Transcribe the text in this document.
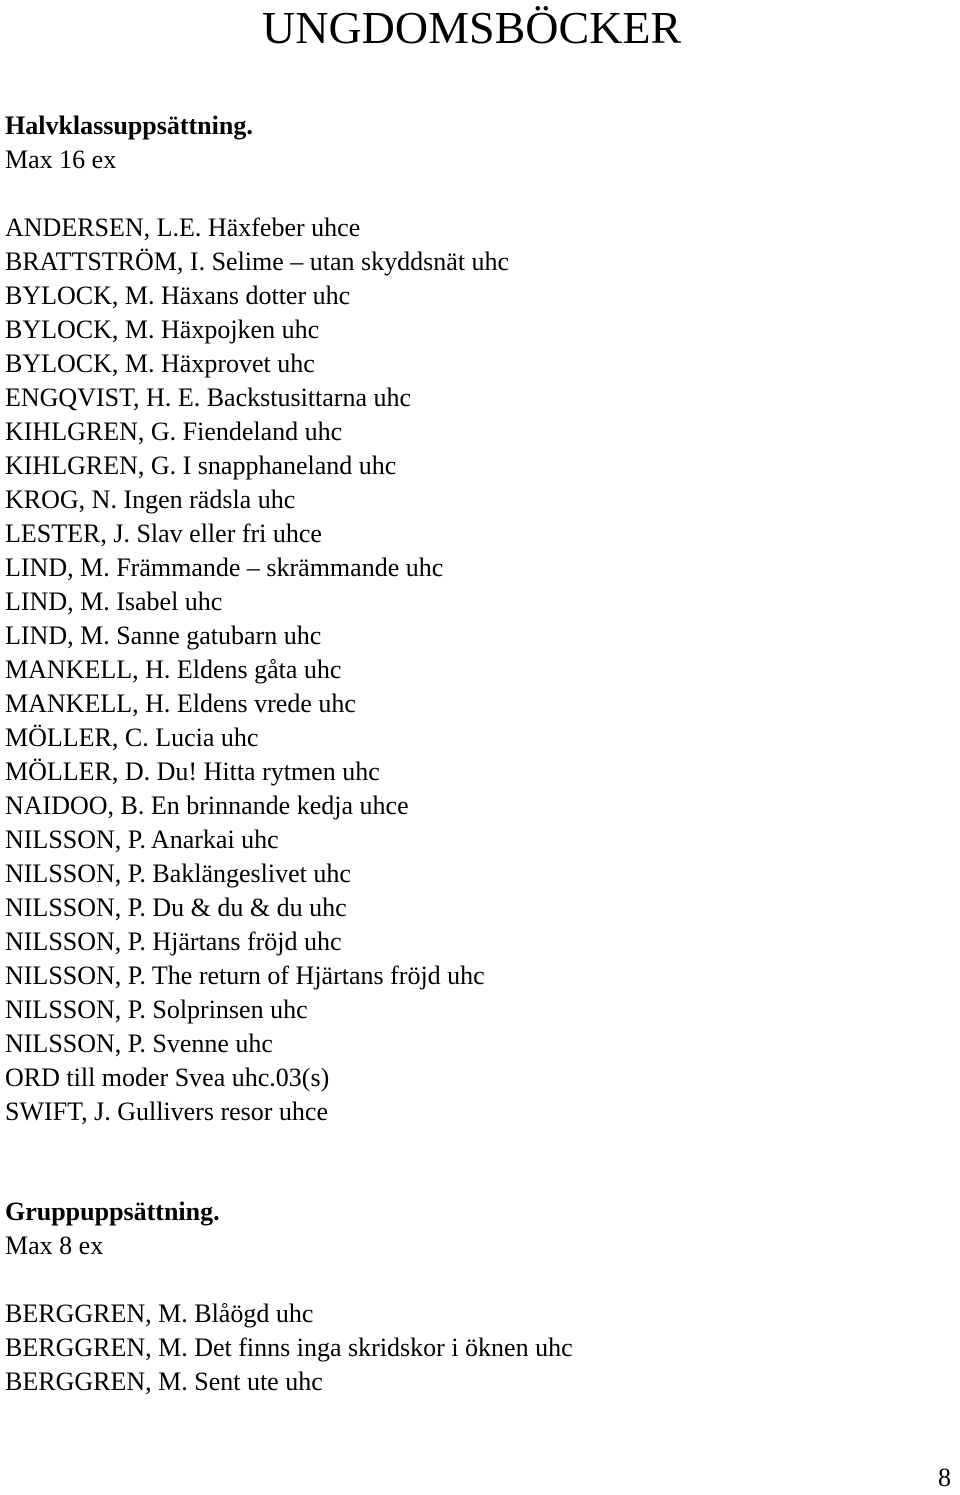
UNGDOMSBÖCKER
Halvklassuppsättning.
Max 16 ex
ANDERSEN, L.E. Häxfeber uhce
BRATTSTRÖM, I. Selime – utan skyddsnät uhc
BYLOCK, M. Häxans dotter uhc
BYLOCK, M. Häxpojken uhc
BYLOCK, M. Häxprovet uhc
ENGQVIST, H. E. Backstusittarna uhc
KIHLGREN, G. Fiendeland uhc
KIHLGREN, G. I snapphaneland uhc
KROG, N. Ingen rädsla uhc
LESTER, J. Slav eller fri uhce
LIND, M. Främmande – skrämmande uhc
LIND, M. Isabel uhc
LIND, M. Sanne gatubarn uhc
MANKELL, H. Eldens gåta uhc
MANKELL, H. Eldens vrede uhc
MÖLLER, C. Lucia uhc
MÖLLER, D. Du! Hitta rytmen uhc
NAIDOO, B. En brinnande kedja uhce
NILSSON, P. Anarkai uhc
NILSSON, P. Baklängeslivet uhc
NILSSON, P. Du & du & du uhc
NILSSON, P. Hjärtans fröjd uhc
NILSSON, P. The return of Hjärtans fröjd uhc
NILSSON, P. Solprinsen uhc
NILSSON, P. Svenne uhc
ORD till moder Svea uhc.03(s)
SWIFT, J. Gullivers resor uhce
Gruppuppsättning.
Max 8 ex
BERGGREN, M. Blåögd uhc
BERGGREN, M. Det finns inga skridskor i öknen uhc
BERGGREN, M. Sent ute uhc
8
